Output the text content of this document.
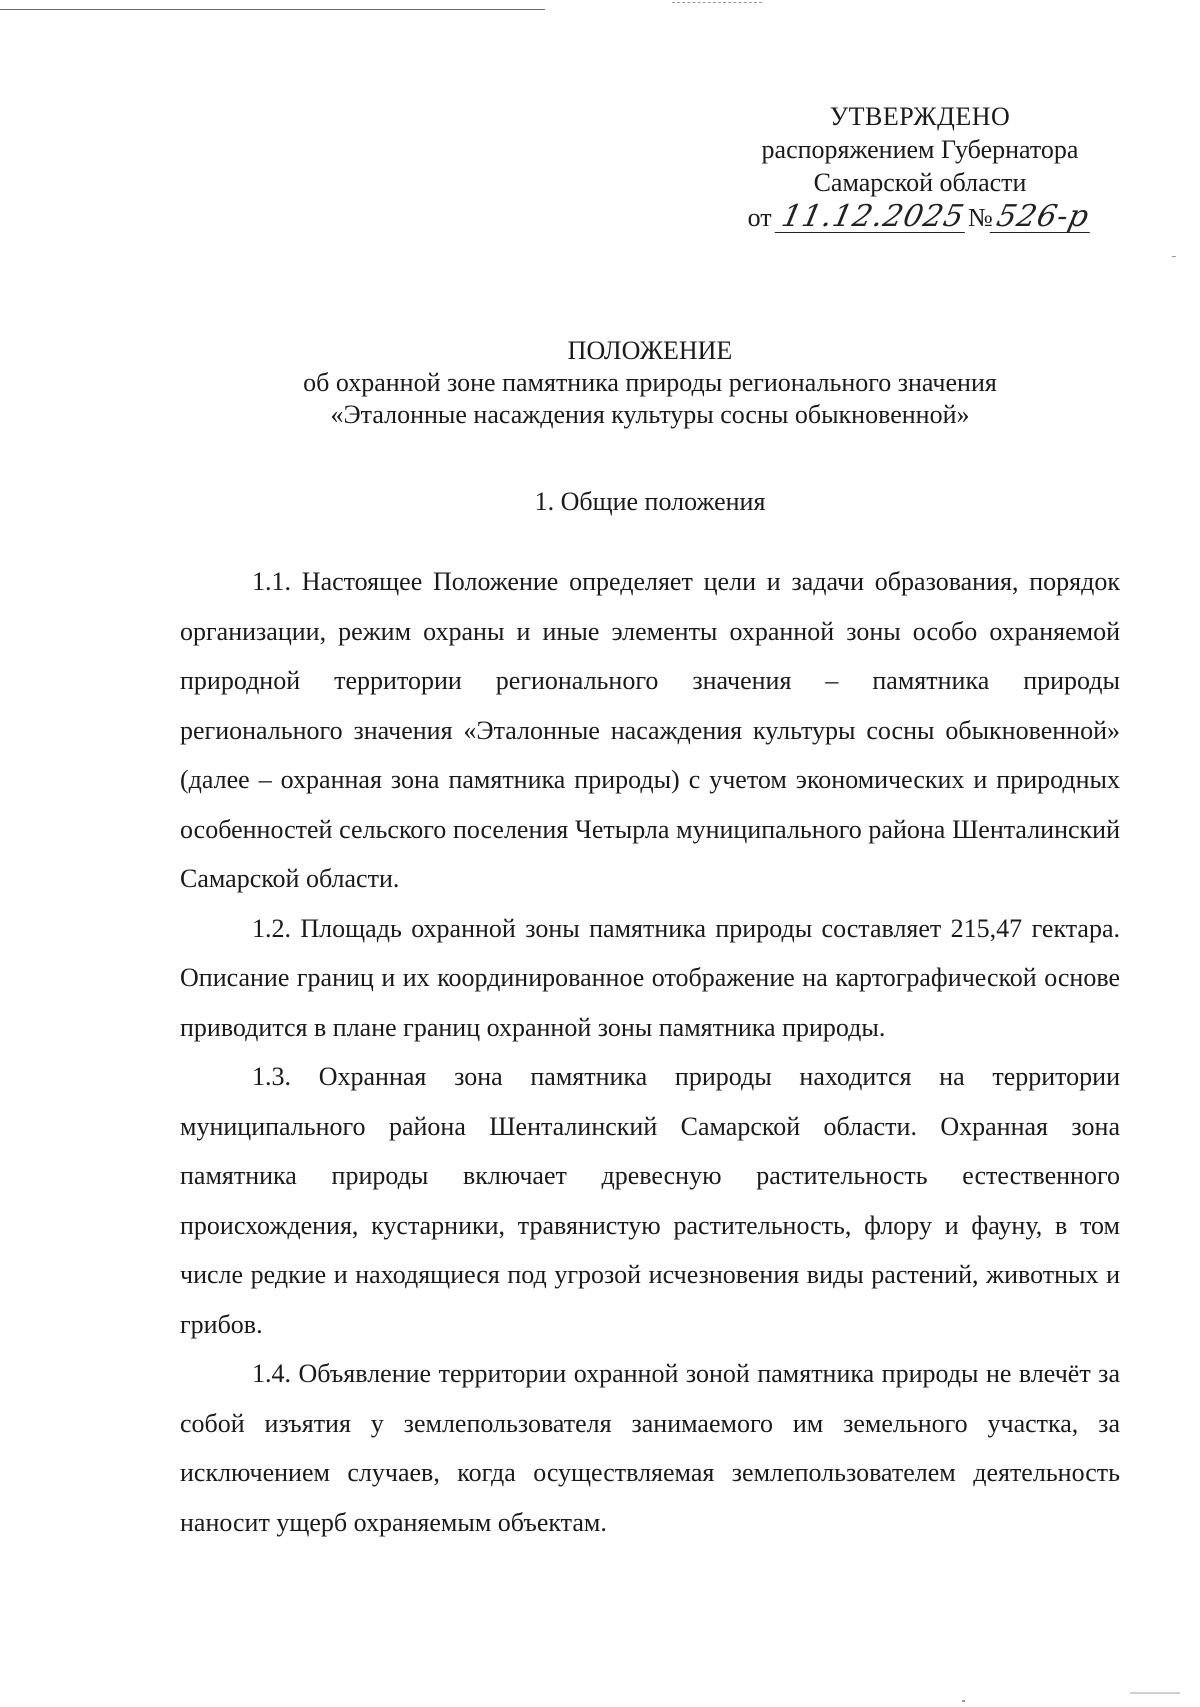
УТВЕРЖДЕНО
распоряжением Губернатора
Самарской области
от 11.12.2025№526-р
ПОЛОЖЕНИЕ
об охранной зоне памятника природы регионального значения
«Эталонные насаждения культуры сосны обыкновенной»
1. Общие положения

1.1. Настоящее Положение определяет цели и задачи образования, порядок организации, режим охраны и иные элементы охранной зоны особо охраняемой природной территории регионального значения – памятника природы регионального значения «Эталонные насаждения культуры сосны обыкновенной» (далее – охранная зона памятника природы) с учетом экономических и природных особенностей сельского поселения Четырла муниципального района Шенталинский Самарской области.

1.2. Площадь охранной зоны памятника природы составляет 215,47 гектара. Описание границ и их координированное отображение на картографической основе приводится в плане границ охранной зоны памятника природы.

1.3. Охранная зона памятника природы находится на территории муниципального района Шенталинский Самарской области. Охранная зона памятника природы включает древесную растительность естественного происхождения, кустарники, травянистую растительность, флору и фауну, в том числе редкие и находящиеся под угрозой исчезновения виды растений, животных и грибов.

1.4. Объявление территории охранной зоной памятника природы не влечёт за собой изъятия у землепользователя занимаемого им земельного участка, за исключением случаев, когда осуществляемая землепользователем деятельность наносит ущерб охраняемым объектам.
